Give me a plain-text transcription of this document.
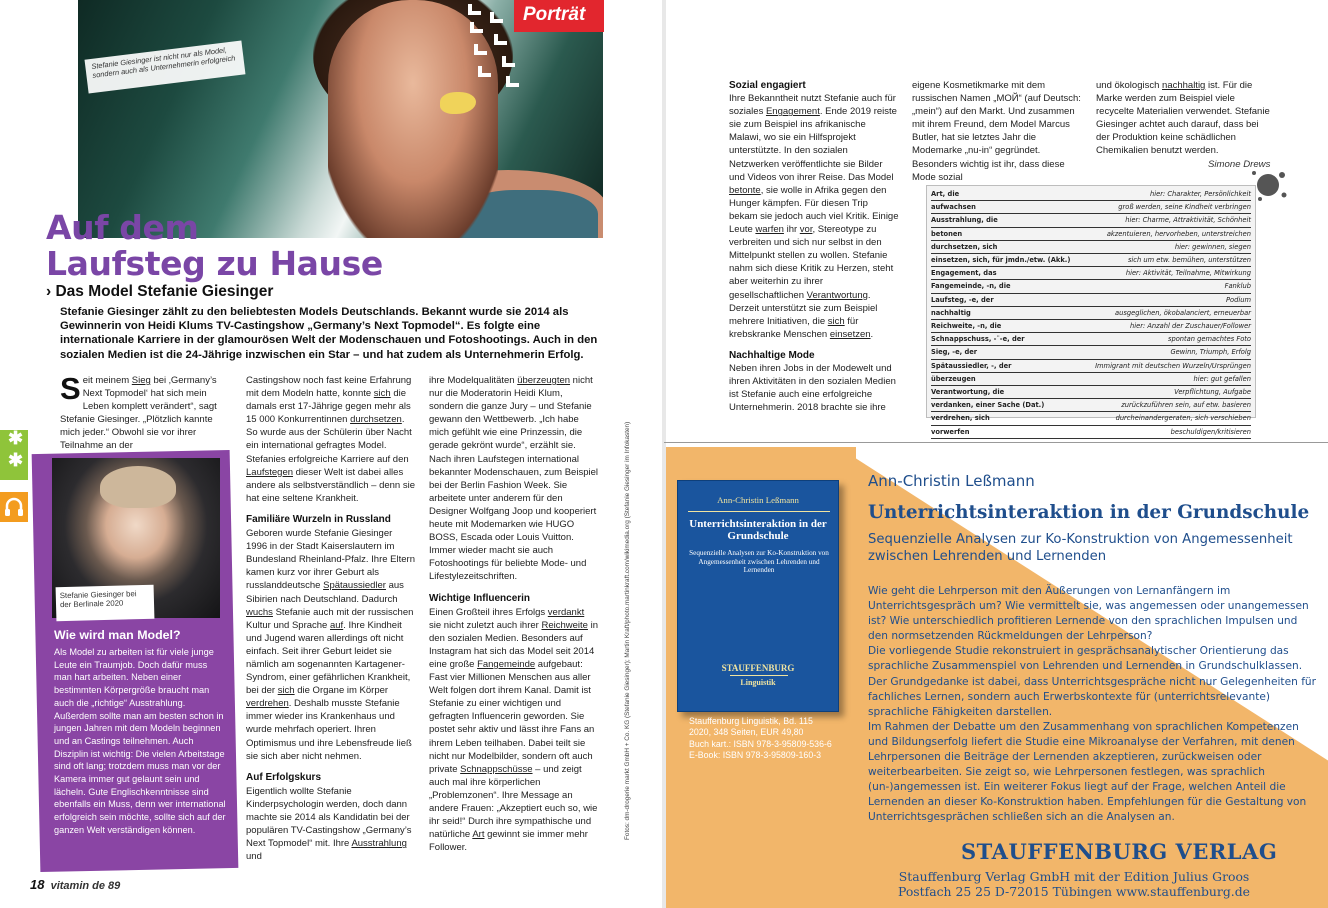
Porträt
Stefanie Giesinger ist nicht nur als Model, sondern auch als Unternehmerin erfolgreich
Auf dem
Laufsteg zu Hause
› Das Model Stefanie Giesinger
Stefanie Giesinger zählt zu den beliebtesten Models Deutschlands. Bekannt wurde sie 2014 als Gewinnerin von Heidi Klums TV-Castingshow „Germany’s Next Topmodel“. Es folgte eine internationale Karriere in der glamourösen Welt der Modenschauen und Fotoshootings. Auch in den sozialen Medien ist die 24-Jährige inzwischen ein Star – und hat zudem als Unternehmerin Erfolg.

Seit meinem Sieg bei ‚Germany’s Next Topmodel‘ hat sich mein Leben komplett verändert“, sagt Stefanie Giesinger. „Plötzlich kannte mich jeder.“ Obwohl sie vor ihrer Teilnahme an der

Castingshow noch fast keine Erfahrung mit dem Modeln hatte, konnte sich die damals erst 17-Jährige gegen mehr als 15 000 Konkurrentinnen durchsetzen. So wurde aus der Schülerin über Nacht ein international gefragtes Model. Stefanies erfolgreiche Karriere auf den Laufstegen dieser Welt ist dabei alles andere als selbstverständlich – denn sie hat eine seltene Krankheit.

Familiäre Wurzeln in Russland

Geboren wurde Stefanie Giesinger 1996 in der Stadt Kaiserslautern im Bundesland Rheinland-Pfalz. Ihre Eltern kamen kurz vor ihrer Geburt als russlanddeutsche Spätaussiedler aus Sibirien nach Deutschland. Dadurch wuchs Stefanie auch mit der russischen Kultur und Sprache auf. Ihre Kindheit und Jugend waren allerdings oft nicht einfach. Seit ihrer Geburt leidet sie nämlich am sogenannten Kartagener-Syndrom, einer gefährlichen Krankheit, bei der sich die Organe im Körper verdrehen. Deshalb musste Stefanie immer wieder ins Krankenhaus und wurde mehrfach operiert. Ihren Optimismus und ihre Lebensfreude ließ sie sich aber nicht nehmen.

Auf Erfolgskurs

Eigentlich wollte Stefanie Kinderpsychologin werden, doch dann machte sie 2014 als Kandidatin bei der populären TV-Castingshow „Germany’s Next Topmodel“ mit. Ihre Ausstrahlung und

ihre Modelqualitäten überzeugten nicht nur die Moderatorin Heidi Klum, sondern die ganze Jury – und Stefanie gewann den Wettbewerb. „Ich habe mich gefühlt wie eine Prinzessin, die gerade gekrönt wurde“, erzählt sie. Nach ihren Laufstegen international bekannter Modenschauen, zum Beispiel bei der Berlin Fashion Week. Sie arbeitete unter anderem für den Designer Wolfgang Joop und kooperiert heute mit Modemarken wie HUGO BOSS, Escada oder Louis Vuitton. Immer wieder macht sie auch Fotoshootings für beliebte Mode- und Lifestylezeitschriften.

Wichtige Influencerin

Einen Großteil ihres Erfolgs verdankt sie nicht zuletzt auch ihrer Reichweite in den sozialen Medien. Besonders auf Instagram hat sich das Model seit 2014 eine große Fangemeinde aufgebaut: Fast vier Millionen Menschen aus aller Welt folgen dort ihrem Kanal. Damit ist Stefanie zu einer wichtigen und gefragten Influencerin geworden. Sie postet sehr aktiv und lässt ihre Fans an ihrem Leben teilhaben. Dabei teilt sie nicht nur Modelbilder, sondern oft auch private Schnappschüsse – und zeigt auch mal ihre körperlichen „Problemzonen“. Ihre Message an andere Frauen: „Akzeptiert euch so, wie ihr seid!“ Durch ihre sympathische und natürliche Art gewinnt sie immer mehr Follower.

✱
✱
Stefanie Giesinger bei der Berlinale 2020
Wie wird man Model?
Als Model zu arbeiten ist für viele junge Leute ein Traumjob. Doch dafür muss man hart arbeiten. Neben einer bestimmten Körpergröße braucht man auch die „richtige“ Ausstrahlung. Außerdem sollte man am besten schon in jungen Jahren mit dem Modeln beginnen und an Castings teilnehmen. Auch Disziplin ist wichtig: Die vielen Arbeitstage sind oft lang; trotzdem muss man vor der Kamera immer gut gelaunt sein und lächeln. Gute Englischkenntnisse sind ebenfalls ein Muss, denn wer international erfolgreich sein möchte, sollte sich auf der ganzen Welt verständigen können.
18 vitamin de 89
Fotos: dm-drogerie markt GmbH + Co. KG (Stefanie Giesinger); Martin Kraft/photo.martinkraft.com/wikimedia.org (Stefanie Giesinger im Infokasten)
Sozial engagiert

Ihre Bekanntheit nutzt Stefanie auch für soziales Engagement. Ende 2019 reiste sie zum Beispiel ins afrikanische Malawi, wo sie ein Hilfsprojekt unterstützte. In den sozialen Netzwerken veröffentlichte sie Bilder und Videos von ihrer Reise. Das Model betonte, sie wolle in Afrika gegen den Hunger kämpfen. Für diesen Trip bekam sie jedoch auch viel Kritik. Einige Leute warfen ihr vor, Stereotype zu verbreiten und sich nur selbst in den Mittelpunkt stellen zu wollen. Stefanie nahm sich diese Kritik zu Herzen, steht aber weiterhin zu ihrer gesellschaftlichen Verantwortung. Derzeit unterstützt sie zum Beispiel mehrere Initiativen, die sich für krebskranke Menschen einsetzen.

Nachhaltige Mode

Neben ihren Jobs in der Modewelt und ihren Aktivitäten in den sozialen Medien ist Stefanie auch eine erfolgreiche Unternehmerin. 2018 brachte sie ihre

eigene Kosmetikmarke mit dem russischen Namen „MOЙ“ (auf Deutsch: „mein“) auf den Markt. Und zusammen mit ihrem Freund, dem Model Marcus Butler, hat sie letztes Jahr die Modemarke „nu-in“ gegründet. Besonders wichtig ist ihr, dass diese Mode sozial

und ökologisch nachhaltig ist. Für die Marke werden zum Beispiel viele recycelte Materialien verwendet. Stefanie Giesinger achtet auch darauf, dass bei der Produktion keine schädlichen Chemikalien benutzt werden.

Simone Drews
Art, die	hier: Charakter, Persönlichkeit
aufwachsen	groß werden, seine Kindheit verbringen
Ausstrahlung, die	hier: Charme, Attraktivität, Schönheit
betonen	akzentuieren, hervorheben, unterstreichen
durchsetzen, sich	hier: gewinnen, siegen
einsetzen, sich, für jmdn./etw. (Akk.)	sich um etw. bemühen, unterstützen
Engagement, das	hier: Aktivität, Teilnahme, Mitwirkung
Fangemeinde, -n, die	Fanklub
Laufsteg, -e, der	Podium
nachhaltig	ausgeglichen, ökobalanciert, erneuerbar
Reichweite, -n, die	hier: Anzahl der Zuschauer/Follower
Schnappschuss, -¨-e, der	spontan gemachtes Foto
Sieg, -e, der	Gewinn, Triumph, Erfolg
Spätaussiedler, -, der	Immigrant mit deutschen Wurzeln/Ursprüngen
überzeugen	hier: gut gefallen
Verantwortung, die	Verpflichtung, Aufgabe
verdanken, einer Sache (Dat.)	zurückzuführen sein, auf etw. basieren
verdrehen, sich	durcheinandergeraten, sich verschieben
vorwerfen	beschuldigen/kritisieren
Ann-Christin Leßmann
Unterrichtsinteraktion in der Grundschule
Sequenzielle Analysen zur Ko-Konstruktion von Angemessenheit zwischen Lehrenden und Lernenden
STAUFFENBURG
Linguistik
Stauffenburg Linguistik, Bd. 115
2020, 348 Seiten, EUR 49,80
Buch kart.: ISBN 978-3-95809-536-6
E-Book: ISBN 978-3-95809-160-3
Ann-Christin Leßmann
Unterrichtsinteraktion in der Grundschule
Sequenzielle Analysen zur Ko-Konstruktion von Angemessenheit zwischen Lehrenden und Lernenden

Wie geht die Lehrperson mit den Äußerungen von Lernanfängern im Unterrichtsgespräch um? Wie vermittelt sie, was angemessen oder unangemessen ist? Wie unterschiedlich profitieren Lernende von den sprachlichen Impulsen und den normsetzenden Rückmeldungen der Lehrperson?

Die vorliegende Studie rekonstruiert in gesprächsanalytischer Orientierung das sprachliche Zusammenspiel von Lehrenden und Lernenden in Grundschulklassen. Der Grundgedanke ist dabei, dass Unterrichtsgespräche nicht nur Gelegenheiten für fachliches Lernen, sondern auch Erwerbskontexte für (unterrichtsrelevante) sprachliche Fähigkeiten darstellen.

Im Rahmen der Debatte um den Zusammenhang von sprachlichen Kompetenzen und Bildungserfolg liefert die Studie eine Mikroanalyse der Verfahren, mit denen Lehrpersonen die Beiträge der Lernenden akzeptieren, zurückweisen oder weiterbearbeiten. Sie zeigt so, wie Lehrpersonen festlegen, was sprachlich (un-)angemessen ist. Ein weiterer Fokus liegt auf der Frage, welchen Anteil die Lernenden an dieser Ko-Konstruktion haben. Empfehlungen für die Gestaltung von Unterrichtsgesprächen schließen sich an die Analysen an.

STAUFFENBURG VERLAG
Stauffenburg Verlag GmbH mit der Edition Julius Groos
Postfach 25 25 D-72015 Tübingen www.stauffenburg.de
